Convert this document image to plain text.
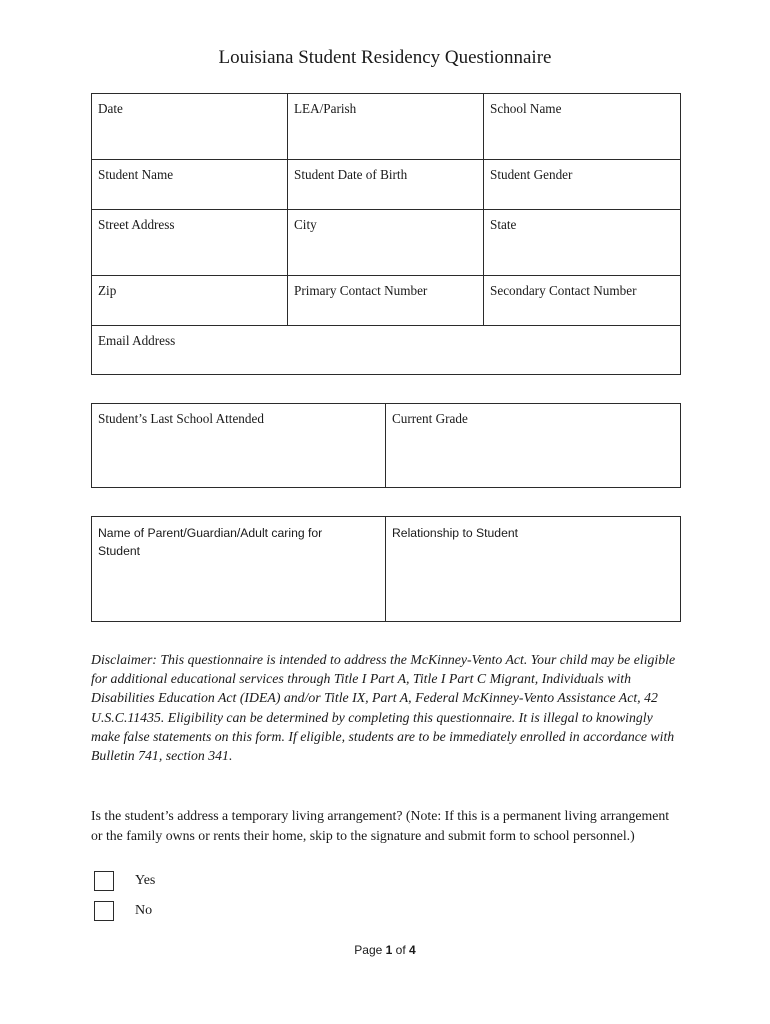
Louisiana Student Residency Questionnaire
Date	LEA/Parish	School Name
Student Name	Student Date of Birth	Student Gender
Street Address	City	State
Zip	Primary Contact Number	Secondary Contact Number
Email Address		
Student’s Last School Attended	Current Grade
Name of Parent/Guardian/Adult caring for Student	Relationship to Student
Disclaimer: This questionnaire is intended to address the McKinney-Vento Act. Your child may be eligible for additional educational services through Title I Part A, Title I Part C Migrant, Individuals with Disabilities Education Act (IDEA) and/or Title IX, Part A, Federal McKinney-Vento Assistance Act, 42 U.S.C.11435. Eligibility can be determined by completing this questionnaire. It is illegal to knowingly make false statements on this form. If eligible, students are to be immediately enrolled in accordance with Bulletin 741, section 341.
Is the student’s address a temporary living arrangement? (Note: If this is a permanent living arrangement or the family owns or rents their home, skip to the signature and submit form to school personnel.)
Yes
No
Page 1 of 4
